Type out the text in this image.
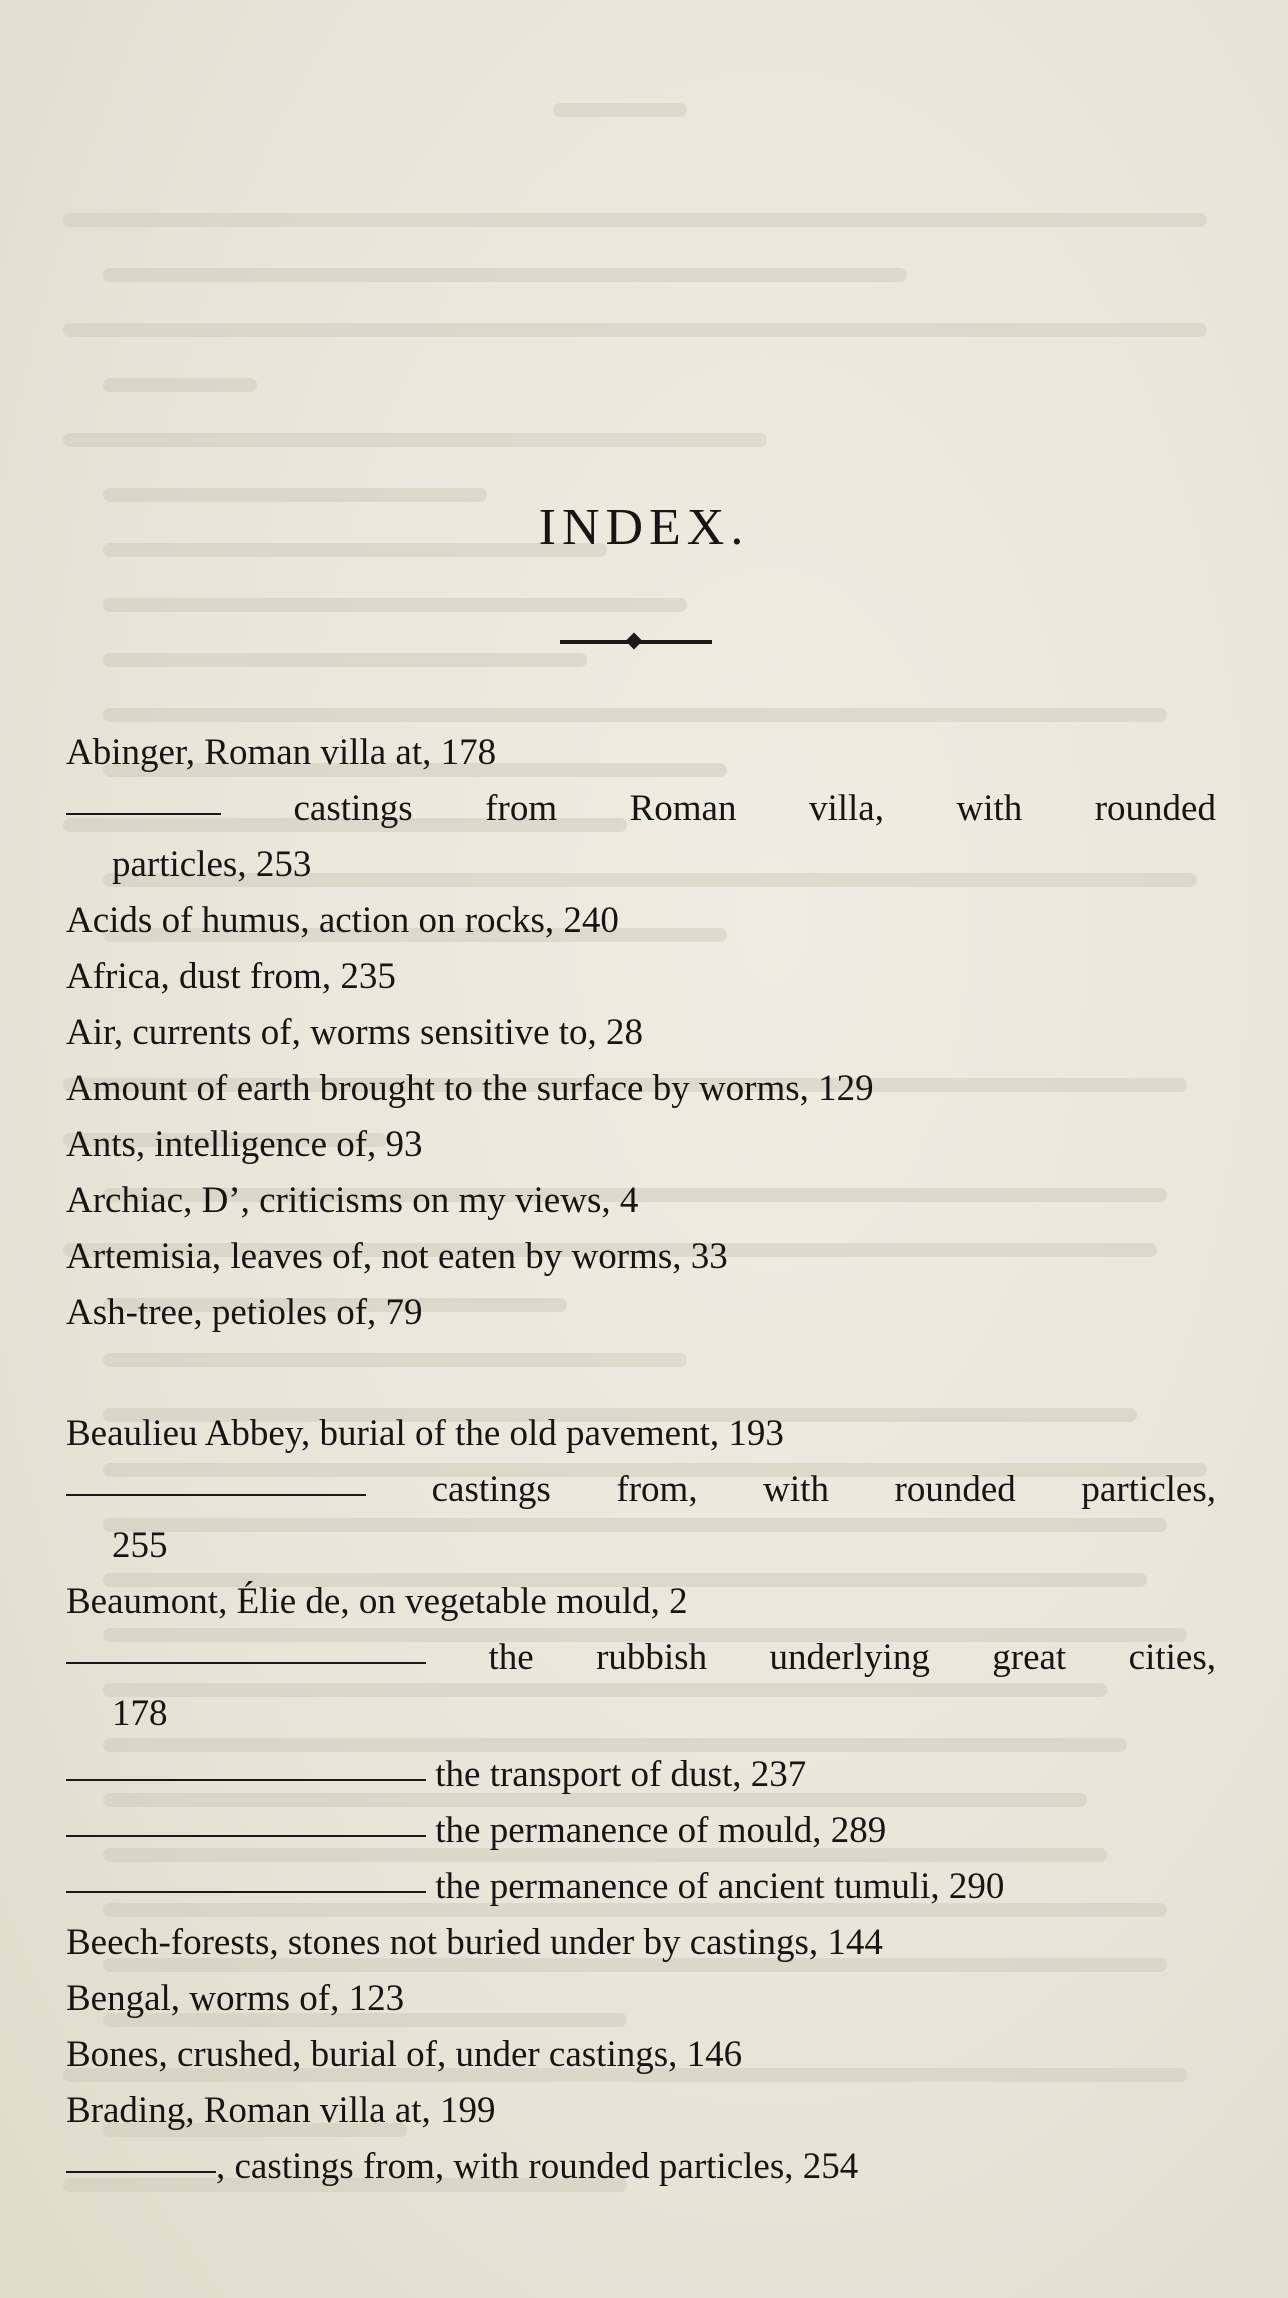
INDEX.
Abinger, Roman villa at, 178
castings from Roman villa, with rounded
particles, 253
Acids of humus, action on rocks, 240
Africa, dust from, 235
Air, currents of, worms sensitive to, 28
Amount of earth brought to the surface by worms, 129
Ants, intelligence of, 93
Archiac, D’, criticisms on my views, 4
Artemisia, leaves of, not eaten by worms, 33
Ash-tree, petioles of, 79
Beaulieu Abbey, burial of the old pavement, 193
castings from, with rounded particles,
255
Beaumont, Élie de, on vegetable mould, 2
the rubbish underlying great cities,
178
the transport of dust, 237
the permanence of mould, 289
the permanence of ancient tumuli, 290
Beech-forests, stones not buried under by castings, 144
Bengal, worms of, 123
Bones, crushed, burial of, under castings, 146
Brading, Roman villa at, 199
, castings from, with rounded particles, 254
